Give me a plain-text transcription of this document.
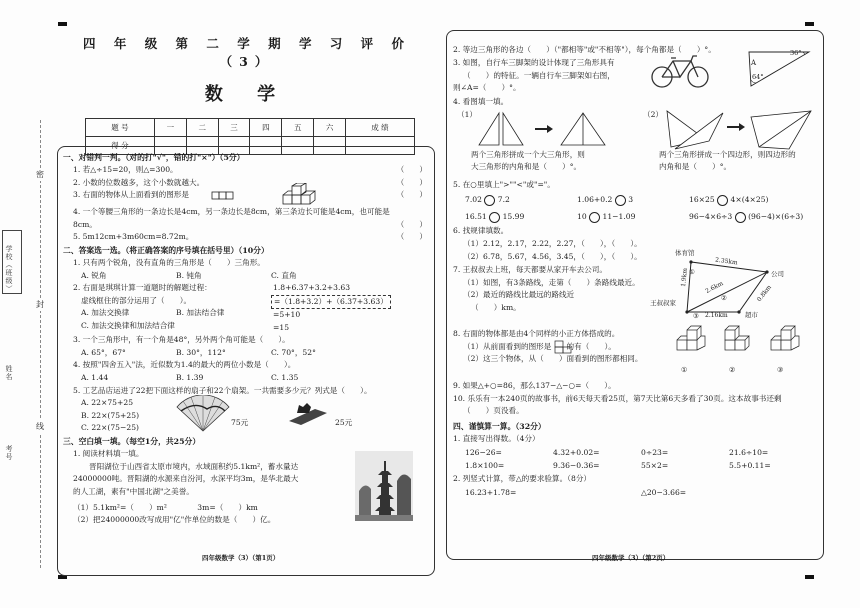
密
封
线
学校（班级）
姓名
考号
四 年 级 第 二 学 期 学 习 评 价 （3）
数 学
题 号	一	二	三	四	五	六	成 绩
得 分							
一、对错判一判。（对的打"√"，错的打"×"）（5分）
1. 若△÷15=20，则△=300。	（　　）
2. 小数的位数越多，这个小数就越大。	（　　）
3. 右面的物体从上面看到的图形是	（　　）
4. 一个等腰三角形的一条边长是4cm，另一条边长是8cm，第三条边长可能是4cm，也可能是
8cm。	（　　）
5. 5m12cm+3m60cm=8.72m。	（　　）
二、答案选一选。（将正确答案的序号填在括号里）（10分）
1. 只有两个锐角，没有直角的三角形是（　　）三角形。
A. 锐角	B. 钝角	C. 直角
2. 右面是琪琪计算一道题时的解题过程：
虚线框住的部分运用了（　　）。
A. 加法交换律	B. 加法结合律
C. 加法交换律和加法结合律
1.8+6.37+3.2+3.63
=（1.8+3.2）+（6.37+3.63）
=5+10
=15
3. 一个三角形中，有一个角是48°，另外两个角可能是（　　）。
A. 65°，67°	B. 30°，112°	C. 70°，52°
4. 按照"四舍五入"法，近似数为1.4的最大的两位小数是（　　）。
A. 1.44	B. 1.39	C. 1.35
5. 工艺品店运进了22把下面这样的扇子和22个扇架。一共需要多少元？列式是（　　）。
A. 22×75+25
B. 22×(75+25)
C. 22×(75−25)
75元	25元
三、空白填一填。（每空1分，共25分）
1. 阅读材料填一填。
晋阳湖位于山西省太原市境内，水域面积约5.1km²，蓄水量达
24000000吨。晋阳湖的水源来自汾河，水深平均3m，是华北最大
的人工湖，素有"中国北湖"之美誉。
（1）5.1km²=（　　）m²　　　　3m=（　　）km
（2）把24000000改写成用"亿"作单位的数是（　　）亿。
四年级数学（3）（第1页）
2. 等边三角形的各边（　　）（"都相等"或"不相等"），每个角都是（　　）°。
3. 如图，自行车三脚架的设计体现了三角形具有
（　　）的特征。一辆自行车三脚架如右图，
则∠A=（　　）°。
A
36°
64°
4. 看图填一填。
（1）	（2）
两个三角形拼成一个大三角形，则
大三角形的内角和是（　　）°。
两个三角形拼成一个四边形，则四边形的
内角和是（　　）°。
5. 在○里填上">""<"或"="。
7.02 7.2	1.06+0.2 3	16×25 4×(4×25)
16.51 15.99	10 11−1.09	96−4×6÷3 (96−4)×(6÷3)
6. 找规律填数。
（1）2.12，2.17，2.22，2.27，（　　），（　　）。
（2）6.78，5.67，4.56，3.45，（　　），（　　）。
7. 王叔叔去上班，每天都要从家开车去公司。
（1）如图，有3条路线，走第（　　）条路线最近。
（2）最近的路线比最远的路线近
（　　）km。
体育馆
公司
王叔叔家
超市
1.9km
2.35km
2.6km	0.8km
2.16km
①
②
③
8. 右面的物体都是由4个同样的小正方体搭成的。
（1）从前面看到的图形是　　的有（　　）。
（2）这三个物体，从（　　）面看到的图形都相同。
①	②	③
9. 如果△+○=86，那么137−△−○=（　　）。
10. 乐乐有一本240页的故事书，前6天每天看25页，第7天比第6天多看了30页。这本故事书还剩
（　　）页没看。
四、谨慎算一算。（32分）
1. 直接写出得数。（4分）
126−26=	4.32+0.02=	0÷23=	21.6÷10=
1.8×100=	9.36−0.36=	55×2=	5.5+0.11=
2. 列竖式计算，带△的要求验算。（8分）
16.23+1.78=	△20−3.66=
四年级数学（3）（第2页）
